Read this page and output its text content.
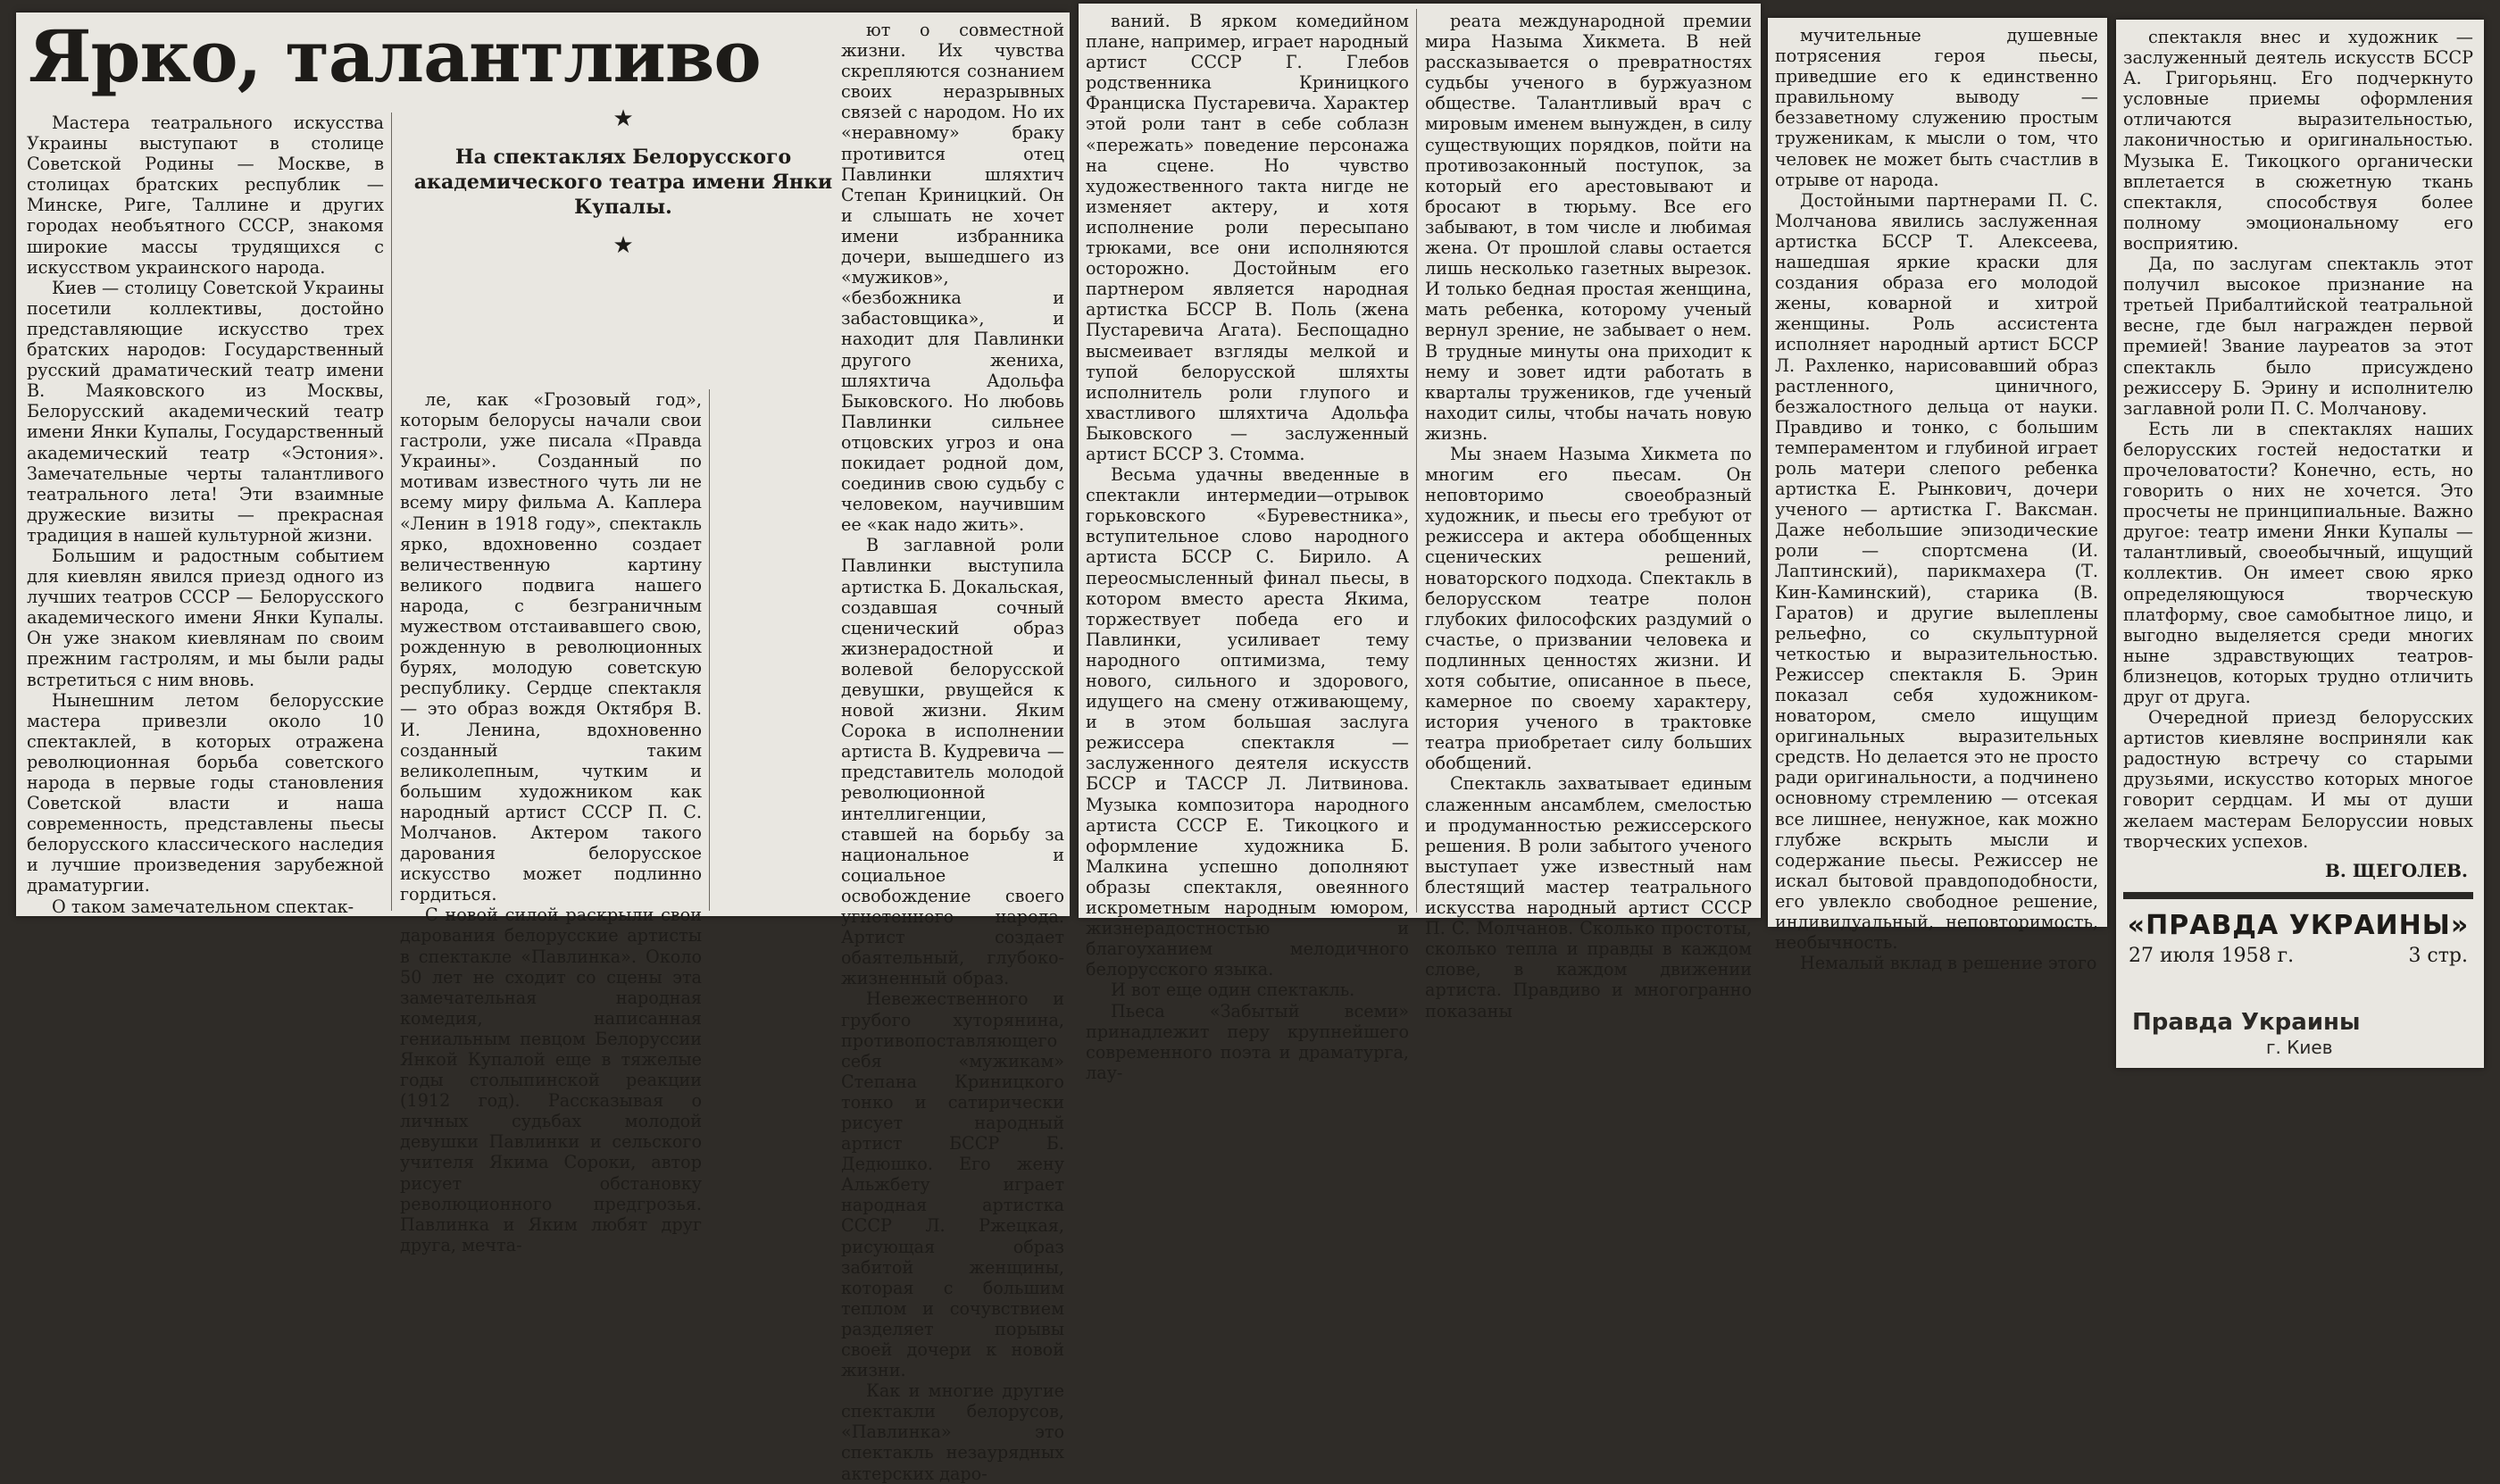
Ярко, талантливо

Мастера театрального искусства Украины выступают в столице Советской Родины — Москве, в столицах братских республик — Минске, Риге, Таллине и других городах необъятного СССР, знакомя широкие массы трудящихся с искусством украинского народа.

Киев — столицу Советской Украины посетили коллективы, достойно представляющие искусство трех братских народов: Государственный русский драматический театр имени В. Маяковского из Москвы, Белорусский академический театр имени Янки Купалы, Государственный академический театр «Эстония». Замечательные черты талантливого театрального лета! Эти взаимные дружеские визиты — прекрасная традиция в нашей культурной жизни.

Большим и радостным событием для киевлян явился приезд одного из лучших театров СССР — Белорусского академического имени Янки Купалы. Он уже знаком киевлянам по своим прежним гастролям, и мы были рады встретиться с ним вновь.

Нынешним летом белорусские мастера привезли около 10 спектаклей, в которых отражена революционная борьба советского народа в первые годы становления Советской власти и наша современность, представлены пьесы белорусского классического наследия и лучшие произведения зарубежной драматургии.

О таком замечательном спектак-

ле, как «Грозовый год», которым белорусы начали свои гастроли, уже писала «Правда Украины». Созданный по мотивам известного чуть ли не всему миру фильма А. Каплера «Ленин в 1918 году», спектакль ярко, вдохновенно создает величественную картину великого подвига нашего народа, с безграничным мужеством отстаивавшего свою, рожденную в революционных бурях, молодую советскую республику. Сердце спектакля — это образ вождя Октября В. И. Ленина, вдохновенно созданный таким великолепным, чутким и большим художником как народный артист СССР П. С. Молчанов. Актером такого дарования белорусское искусство может подлинно гордиться.

С новой силой раскрыли свои дарования белорусские артисты в спектакле «Павлинка». Около 50 лет не сходит со сцены эта замечательная народная комедия, написанная гениальным певцом Белоруссии Янкой Купалой еще в тяжелые годы столыпинской реакции (1912 год). Рассказывая о личных судьбах молодой девушки Павлинки и сельского учителя Якима Сороки, автор рисует обстановку революционного предгрозья. Павлинка и Яким любят друг друга, мечта-

★
На спектаклях Белорусского академического театра имени Янки Купалы.
★

ют о совместной жизни. Их чувства скрепляются сознанием своих неразрывных связей с народом. Но их «неравному» браку противится отец Павлинки шляхтич Степан Криницкий. Он и слышать не хочет имени избранника дочери, вышедшего из «мужиков», «безбожника и забастовщика», и находит для Павлинки другого жениха, шляхтича Адольфа Быковского. Но любовь Павлинки сильнее отцовских угроз и она покидает родной дом, соединив свою судьбу с человеком, научившим ее «как надо жить».

В заглавной роли Павлинки выступила артистка Б. Докальская, создавшая сочный сценический образ жизнерадостной и волевой белорусской девушки, рвущейся к новой жизни. Яким Сорока в исполнении артиста В. Кудревича — представитель молодой революционной интеллигенции, ставшей на борьбу за национальное и социальное освобождение своего угнетенного народа. Артист создает обаятельный, глубоко-жизненный образ.

Невежественного и грубого хуторянина, противопоставляющего себя «мужикам» Степана Криницкого тонко и сатирически рисует народный артист БССР Б. Дедюшко. Его жену Альжбету играет народная артистка СССР Л. Ржецкая, рисующая образ забитой женщины, которая с большим теплом и сочувствием разделяет порывы своей дочери к новой жизни.

Как и многие другие спектакли белорусов, «Павлинка» это спектакль незаурядных актерских даро-

ваний. В ярком комедийном плане, например, играет народный артист СССР Г. Глебов родственника Криницкого Франциска Пустаревича. Характер этой роли тант в себе соблазн «пережать» поведение персонажа на сцене. Но чувство художественного такта нигде не изменяет актеру, и хотя исполнение роли пересыпано трюками, все они исполняются осторожно. Достойным его партнером является народная артистка БССР В. Поль (жена Пустаревича Агата). Беспощадно высмеивает взгляды мелкой и тупой белорусской шляхты исполнитель роли глупого и хвастливого шляхтича Адольфа Быковского — заслуженный артист БССР З. Стомма.

Весьма удачны введенные в спектакли интермедии—отрывок горьковского «Буревестника», вступительное слово народного артиста БССР С. Бирило. А переосмысленный финал пьесы, в котором вместо ареста Якима, торжествует победа его и Павлинки, усиливает тему народного оптимизма, тему нового, сильного и здорового, идущего на смену отживающему, и в этом большая заслуга режиссера спектакля — заслуженного деятеля искусств БССР и ТАССР Л. Литвинова. Музыка композитора народного артиста СССР Е. Тикоцкого и оформление художника Б. Малкина успешно дополняют образы спектакля, овеянного искрометным народным юмором, жизнерадостностью и благоуханием мелодичного белорусского языка.

И вот еще один спектакль.

Пьеса «Забытый всеми» принадлежит перу крупнейшего современного поэта и драматурга, лау-

реата международной премии мира Назыма Хикмета. В ней рассказывается о превратностях судьбы ученого в буржуазном обществе. Талантливый врач с мировым именем вынужден, в силу существующих порядков, пойти на противозаконный поступок, за который его арестовывают и бросают в тюрьму. Все его забывают, в том числе и любимая жена. От прошлой славы остается лишь несколько газетных вырезок. И только бедная простая женщина, мать ребенка, которому ученый вернул зрение, не забывает о нем. В трудные минуты она приходит к нему и зовет идти работать в кварталы тружеников, где ученый находит силы, чтобы начать новую жизнь.

Мы знаем Назыма Хикмета по многим его пьесам. Он неповторимо своеобразный художник, и пьесы его требуют от режиссера и актера обобщенных сценических решений, новаторского подхода. Спектакль в белорусском театре полон глубоких философских раздумий о счастье, о призвании человека и подлинных ценностях жизни. И хотя событие, описанное в пьесе, камерное по своему характеру, история ученого в трактовке театра приобретает силу больших обобщений.

Спектакль захватывает единым слаженным ансамблем, смелостью и продуманностью режиссерского решения. В роли забытого ученого выступает уже известный нам блестящий мастер театрального искусства народный артист СССР П. С. Молчанов. Сколько простоты, сколько тепла и правды в каждом слове, в каждом движении артиста. Правдиво и многогранно показаны

мучительные душевные потрясения героя пьесы, приведшие его к единственно правильному выводу — беззаветному служению простым труженикам, к мысли о том, что человек не может быть счастлив в отрыве от народа.

Достойными партнерами П. С. Молчанова явились заслуженная артистка БССР Т. Алексеева, нашедшая яркие краски для создания образа его молодой жены, коварной и хитрой женщины. Роль ассистента исполняет народный артист БССР Л. Рахленко, нарисовавший образ растленного, циничного, безжалостного дельца от науки. Правдиво и тонко, с большим темпераментом и глубиной играет роль матери слепого ребенка артистка Е. Рынкович, дочери ученого — артистка Г. Ваксман. Даже небольшие эпизодические роли — спортсмена (И. Лаптинский), парикмахера (Т. Кин-Каминский), старика (В. Гаратов) и другие вылеплены рельефно, со скульптурной четкостью и выразительностью. Режиссер спектакля Б. Эрин показал себя художником-новатором, смело ищущим оригинальных выразительных средств. Но делается это не просто ради оригинальности, а подчинено основному стремлению — отсекая все лишнее, ненужное, как можно глубже вскрыть мысли и содержание пьесы. Режиссер не искал бытовой правдоподобности, его увлекло свободное решение, индивидуальный, неповторимость, необычность.

Немалый вклад в решение этого

спектакля внес и художник — заслуженный деятель искусств БССР А. Григорьянц. Его подчеркнуто условные приемы оформления отличаются выразительностью, лаконичностью и оригинальностью. Музыка Е. Тикоцкого органически вплетается в сюжетную ткань спектакля, способствуя более полному эмоциональному его восприятию.

Да, по заслугам спектакль этот получил высокое признание на третьей Прибалтийской театральной весне, где был награжден первой премией! Звание лауреатов за этот спектакль было присуждено режиссеру Б. Эрину и исполнителю заглавной роли П. С. Молчанову.

Есть ли в спектаклях наших белорусских гостей недостатки и прочеловатости? Конечно, есть, но говорить о них не хочется. Это просчеты не принципиальные. Важно другое: театр имени Янки Купалы — талантливый, своеобычный, ищущий коллектив. Он имеет свою ярко определяющуюся творческую платформу, свое самобытное лицо, и выгодно выделяется среди многих ныне здравствующих театров-близнецов, которых трудно отличить друг от друга.

Очередной приезд белорусских артистов киевляне восприняли как радостную встречу со старыми друзьями, искусство которых многое говорит сердцам. И мы от души желаем мастерам Белоруссии новых творческих успехов.

В. ЩЕГОЛЕВ.
«ПРАВДА УКРАИНЫ»
27 июля 1958 г.	3 стр.
Правда Украины
г. Киев
